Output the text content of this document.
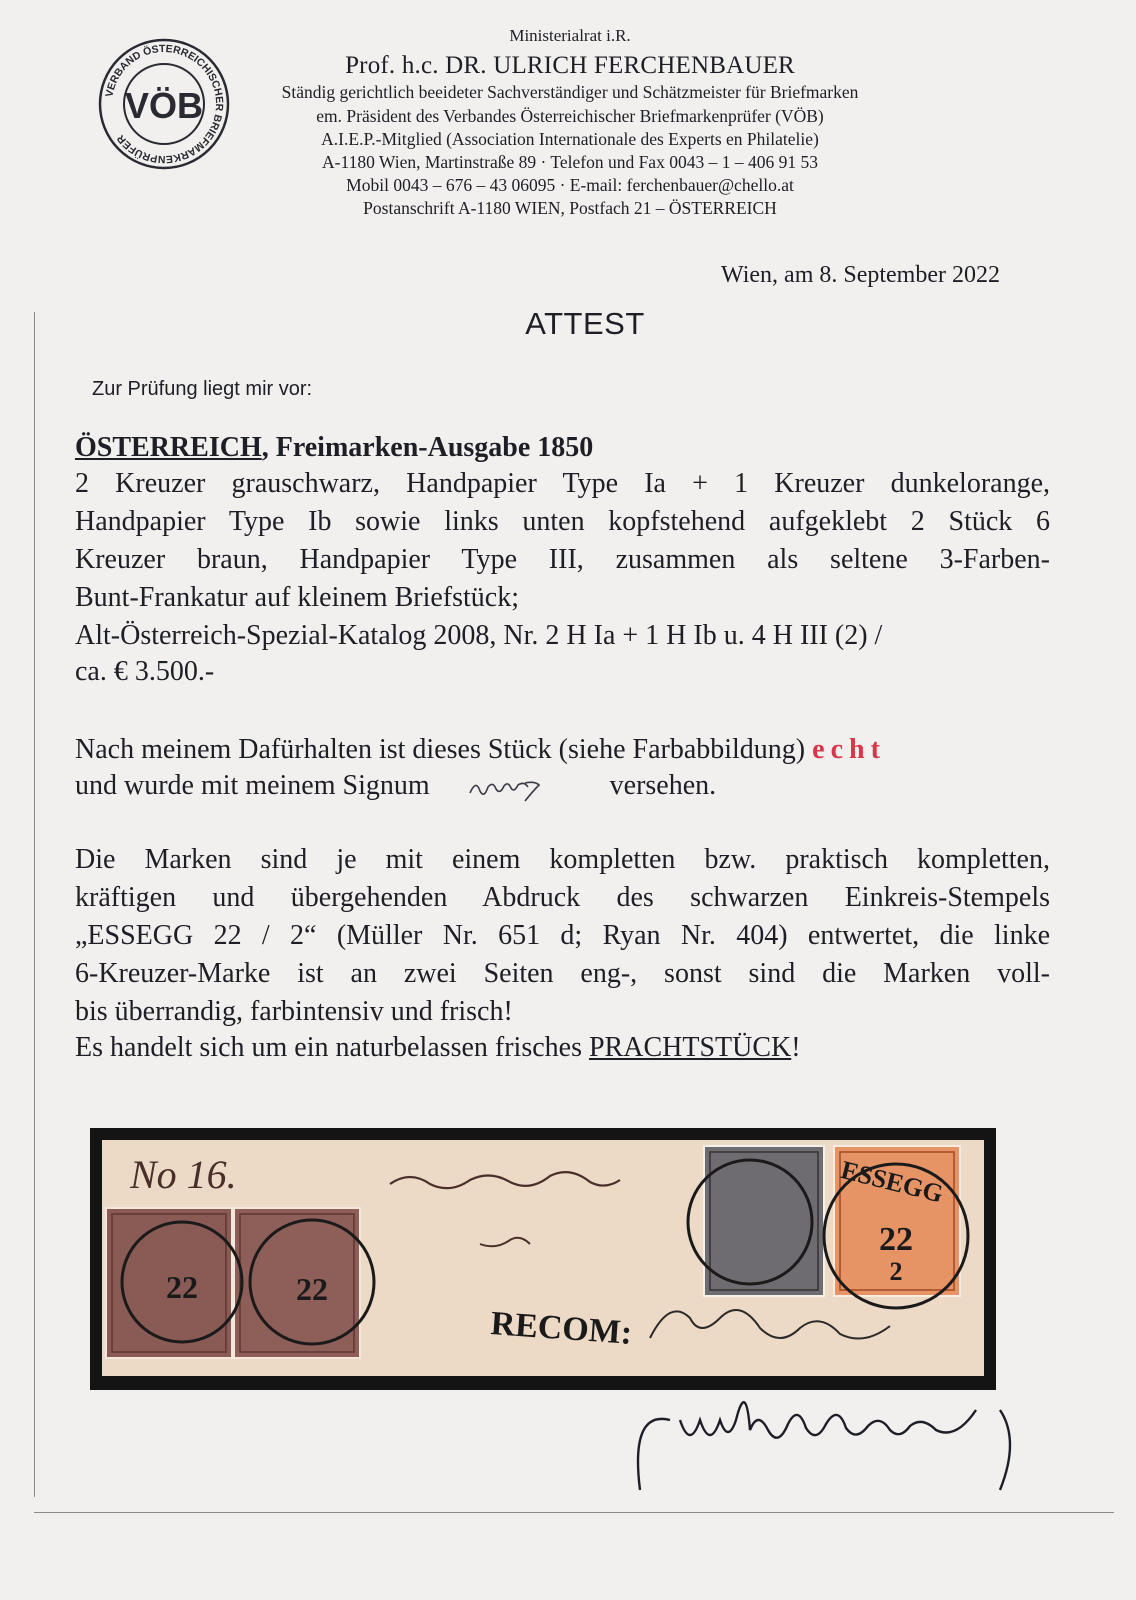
VERBAND ÖSTERREICHISCHER BRIEFMARKENPRÜFER
VÖB
Ministerialrat i.R.
Prof. h.c. DR. ULRICH FERCHENBAUER
Ständig gerichtlich beeideter Sachverständiger und Schätzmeister für Briefmarken
em. Präsident des Verbandes Österreichischer Briefmarkenprüfer (VÖB)
A.I.E.P.-Mitglied (Association Internationale des Experts en Philatelie)
A-1180 Wien, Martinstraße 89 · Telefon und Fax 0043 – 1 – 406 91 53
Mobil 0043 – 676 – 43 06095 · E-mail: ferchenbauer@chello.at
Postanschrift A-1180 WIEN, Postfach 21 – ÖSTERREICH
Wien, am 8. September 2022
ATTEST
Zur Prüfung liegt mir vor:
ÖSTERREICH, Freimarken-Ausgabe 1850
2 Kreuzer grauschwarz, Handpapier Type Ia + 1 Kreuzer dunkelorange,
Handpapier Type Ib sowie links unten kopfstehend aufgeklebt 2 Stück 6
Kreuzer braun, Handpapier Type III, zusammen als seltene 3-Farben-
Bunt-Frankatur auf kleinem Briefstück;
Alt-Österreich-Spezial-Katalog 2008, Nr. 2 H Ia + 1 H Ib u. 4 H III (2) /
ca. € 3.500.-
Nach meinem Dafürhalten ist dieses Stück (siehe Farbabbildung) echt
und wurde mit meinem Signum	versehen.
Die Marken sind je mit einem kompletten bzw. praktisch kompletten,
kräftigen und übergehenden Abdruck des schwarzen Einkreis-Stempels
„ESSEGG 22 / 2“ (Müller Nr. 651 d; Ryan Nr. 404) entwertet, die linke
6-Kreuzer-Marke ist an zwei Seiten eng-, sonst sind die Marken voll-
bis überrandig, farbintensiv und frisch!
Es handelt sich um ein naturbelassen frisches PRACHTSTÜCK!
No 16.
22	22
22
2
ESSEGG
RECOM:
